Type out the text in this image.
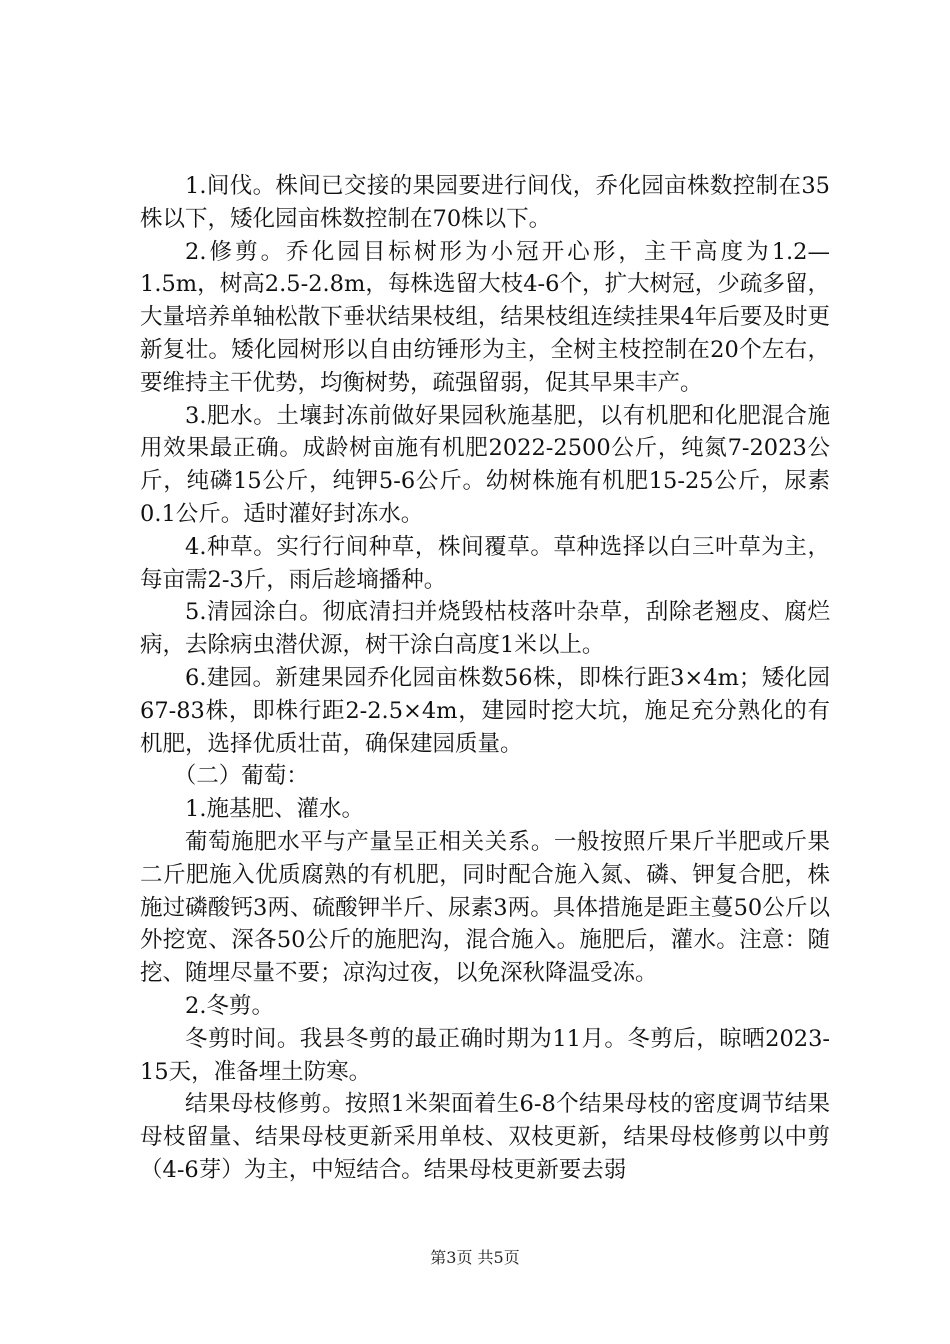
1.间伐。株间已交接的果园要进行间伐，乔化园亩株数控制在35株以下，矮化园亩株数控制在70株以下。

2.修剪。乔化园目标树形为小冠开心形，主干高度为1.2—1.5m，树高2.5-2.8m，每株选留大枝4-6个，扩大树冠，少疏多留，大量培养单轴松散下垂状结果枝组，结果枝组连续挂果4年后要及时更新复壮。矮化园树形以自由纺锤形为主，全树主枝控制在20个左右，要维持主干优势，均衡树势，疏强留弱，促其早果丰产。

3.肥水。土壤封冻前做好果园秋施基肥，以有机肥和化肥混合施用效果最正确。成龄树亩施有机肥2022-2500公斤，纯氮7-2023公斤，纯磷15公斤，纯钾5-6公斤。幼树株施有机肥15-25公斤，尿素0.1公斤。适时灌好封冻水。

4.种草。实行行间种草，株间覆草。草种选择以白三叶草为主，每亩需2-3斤，雨后趁墒播种。

5.清园涂白。彻底清扫并烧毁枯枝落叶杂草，刮除老翘皮、腐烂病，去除病虫潜伏源，树干涂白高度1米以上。

6.建园。新建果园乔化园亩株数56株，即株行距3×4m；矮化园67-83株，即株行距2-2.5×4m，建园时挖大坑，施足充分熟化的有机肥，选择优质壮苗，确保建园质量。

（二）葡萄：

1.施基肥、灌水。

葡萄施肥水平与产量呈正相关关系。一般按照斤果斤半肥或斤果二斤肥施入优质腐熟的有机肥，同时配合施入氮、磷、钾复合肥，株施过磷酸钙3两、硫酸钾半斤、尿素3两。具体措施是距主蔓50公斤以外挖宽、深各50公斤的施肥沟，混合施入。施肥后，灌水。注意：随挖、随埋尽量不要；凉沟过夜，以免深秋降温受冻。

2.冬剪。

冬剪时间。我县冬剪的最正确时期为11月。冬剪后，晾晒2023-15天，准备埋土防寒。

结果母枝修剪。按照1米架面着生6-8个结果母枝的密度调节结果母枝留量、结果母枝更新采用单枝、双枝更新，结果母枝修剪以中剪（4-6芽）为主，中短结合。结果母枝更新要去弱

第3页 共5页
